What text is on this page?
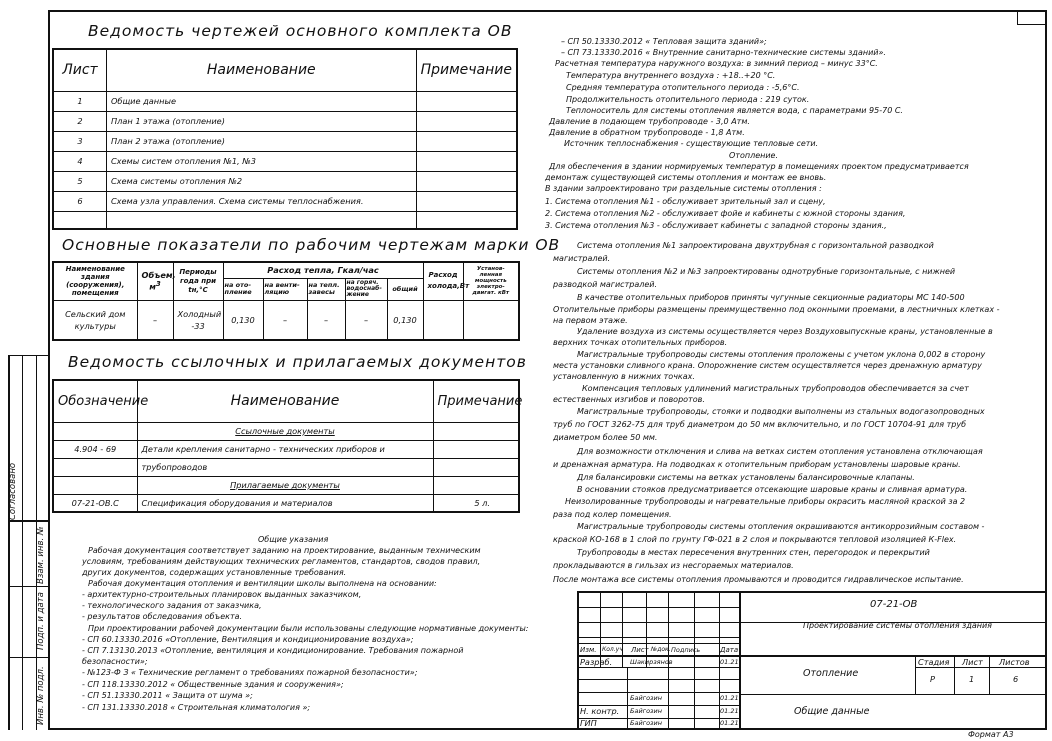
Согласовано
Взам. инв. №
Подп. и дата
Инв. № подл.
Ведомость чертежей основного комплекта ОВ
Лист	Наименование	Примечание
1	Общие данные	
2	План 1 этажа (отопление)	
3	План 2 этажа (отопление)	
4	Схемы систем отопления №1, №3	
5	Схема системы отопления №2	
6	Схема узла управления. Схема системы теплоснабжения.	

Основные показатели по рабочим чертежам марки ОВ
Наименование здания (сооружения), помещения	Объем, $м^3$	Периоды года при tн,°С	Расход тепла, Гкал/час					Расход холода,Вт	Установ- ленная мощность электро- двигат. кВт
			на ото- пление	на венти- ляцию	на тепл. завесы	на горяч. водоснаб- жение	общий		
Сельский дом культуры	–	Холодный -33	0,130	–	–	–	0,130		
Ведомость ссылочных и прилагаемых документов
Обозначение	Наименование	Примечание
	Ссылочные документы	
4.904 - 69	Детали крепления санитарно - технических приборов и	
	трубопроводов	
	Прилагаемые документы	
07-21-ОВ.С	Спецификация оборудования и материалов	5 л.
Общие указания
Рабочая документация соответствует заданию на проектирование, выданным техническим
условиям, требованиям действующих технических регламентов, стандартов, сводов правил,
других документов, содержащих установленные требования.
Рабочая документация отопления и вентиляции школы выполнена на основании:
- архитектурно-строительных планировок выданных заказчиком,
- технологического задания от заказчика,
- результатов обследования объекта.
При проектировании рабочей документации были использованы следующие нормативные документы:
- СП 60.13330.2016 «Отопление, Вентиляция и кондиционирование воздуха»;
- СП 7.13130.2013 «Отопление, вентиляция и кондиционирование. Требования пожарной
безопасности»;
- №123-Ф З « Технические регламент о требованиях пожарной безопасности»;
- СП 118.13330.2012 « Общественные здания и сооружения»;
- СП 51.13330.2011 « Защита от шума »;
- СП 131.13330.2018 « Строительная климатология »;
– СП 50.13330.2012 « Тепловая защита зданий»;
– СП 73.13330.2016 « Внутренние санитарно-технические системы зданий».
Расчетная температура наружного воздуха: в зимний период – минус 33°С.
Температура внутреннего воздуха : +18..+20 °С.
Средняя температура отопительного периода : -5,6°С.
Продолжительность отопительного периода : 219 суток.
Теплоноситель для системы отопления является вода, с параметрами 95-70 С.
Давление в подающем трубопроводе - 3,0 Атм.
Давление в обратном трубопроводе - 1,8 Атм.
Источник теплоснабжения - существующие тепловые сети.
Отопление.
Для обеспечения в здании нормируемых температур в помещениях проектом предусматривается
демонтаж существующей системы отопления и монтаж ее вновь.
В здании запроектировано три раздельные системы отопления :
1. Система отопления №1 - обслуживает зрительный зал и сцену,
2. Система отопления №2 - обслуживает фойе и кабинеты с южной стороны здания,
3. Система отопления №3 - обслуживает кабинеты с западной стороны здания.,
Система отопления №1 запроектирована двухтрубная с горизонтальной разводкой
магистралей.
Системы отопления №2 и №3 запроектированы однотрубные горизонтальные, с нижней
разводкой магистралей.
В качестве отопительных приборов приняты чугунные секционные радиаторы МС 140-500
Отопительные приборы размещены преимущественно под оконными проемами, в лестничных клетках -
на первом этаже.
Удаление воздуха из системы осуществляется через Воздуховыпускные краны, установленные в
верхних точках отопительных приборов.
Магистральные трубопроводы системы отопления проложены с учетом уклона 0,002 в сторону
места установки сливного крана. Опорожнение систем осуществляется через дренажную арматуру
установленную в нижних точках.
Компенсация тепловых удлинений магистральных трубопроводов обеспечивается за счет
естественных изгибов и поворотов.
Магистральные трубопроводы, стояки и подводки выполнены из стальных водогазопроводных
труб по ГОСТ 3262-75 для труб диаметром до 50 мм включительно, и по ГОСТ 10704-91 для труб
диаметром более 50 мм.
Для возможности отключения и слива на ветках систем отопления установлена отключающая
и дренажная арматура. На подводках к отопительным приборам установлены шаровые краны.
Для балансировки системы на ветках установлены балансировочные клапаны.
В основании стояков предусматривается отсекающие шаровые краны и сливная арматура.
Неизолированные трубопроводы и нагревательные приборы окрасить масляной краской за 2
раза под колер помещения.
Магистральные трубопроводы системы отопления окрашиваются антикоррозийным составом -
краской КО-168 в 1 слой по грунту ГФ-021 в 2 слоя и покрываются тепловой изоляцией К-Flex.
Трубопроводы в местах пересечения внутренних стен, перегородок и перекрытий
прокладываются в гильзах из несгораемых материалов.
После монтажа все системы отопления промываются и проводится гидравлическое испытание.
07-21-ОВ
Проектирование системы отопления здания
Изм. Кол.уч Лист №док. Подпись	Дата
Разраб.	Шакирзянов	01.21
Н. контр. Байгозин	01.21
ГИП	Байгозин	01.21
Байгозин	01.21
Отопление
Общие данные
Стадия Лист Листов
Р	1	6
Формат А3
